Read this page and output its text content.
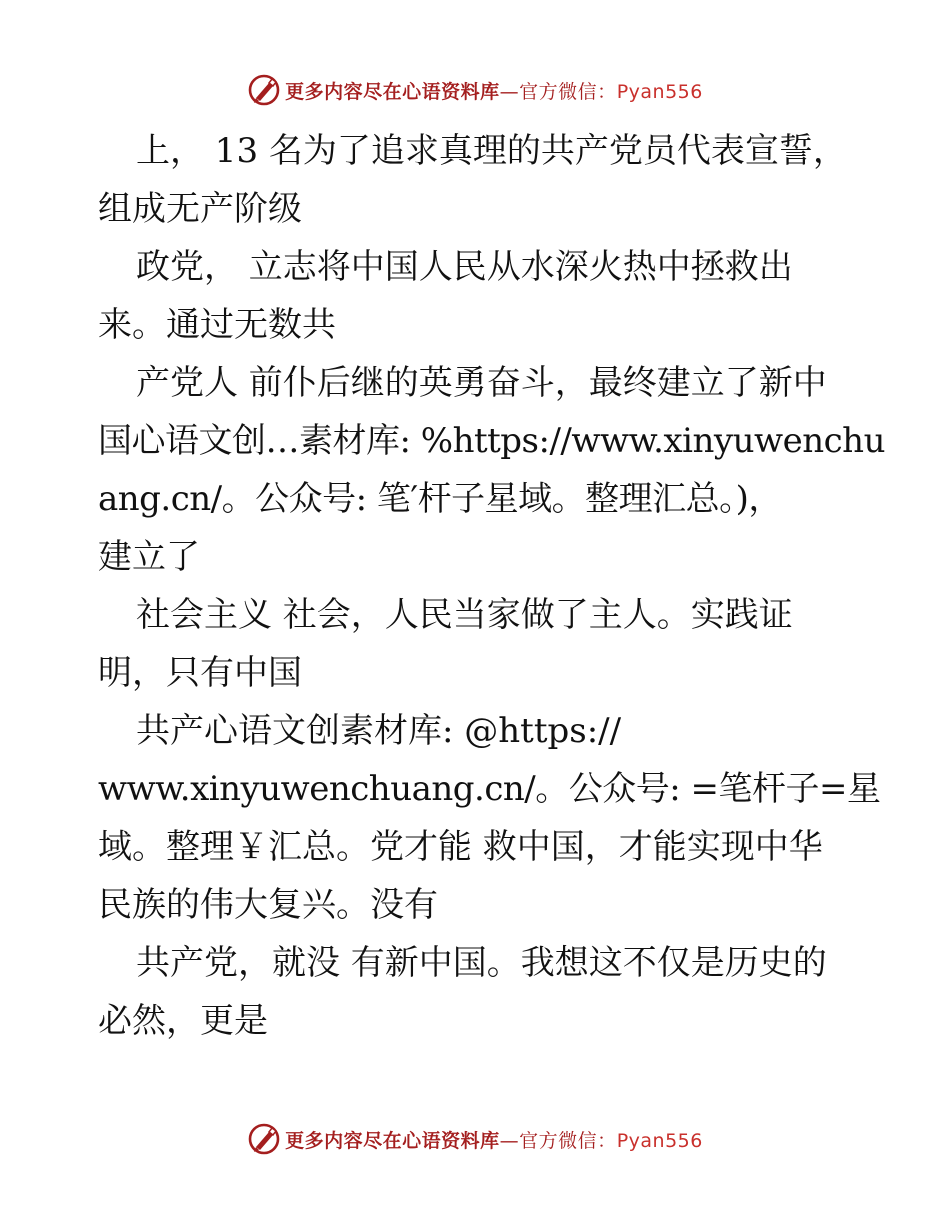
更多内容尽在心语资料库—官方微信：Pyan556
上， 13 名为了追求真理的共产党员代表宣誓，
组成无产阶级
政党， 立志将中国人民从水深火热中拯救出
来。通过无数共
产党人 前仆后继的英勇奋斗，最终建立了新中
国心语文创…素材库: %https://www.xinyuwenchu
ang.cn/。公众号: 笔′杆子星域。整理汇总。)，
建立了
社会主义 社会，人民当家做了主人。实践证
明，只有中国
共产心语文创素材库: @https://
www.xinyuwenchuang.cn/。公众号: =笔杆子=星
域。整理￥汇总。党才能 救中国，才能实现中华
民族的伟大复兴。没有
共产党，就没 有新中国。我想这不仅是历史的
必然，更是
更多内容尽在心语资料库—官方微信：Pyan556
